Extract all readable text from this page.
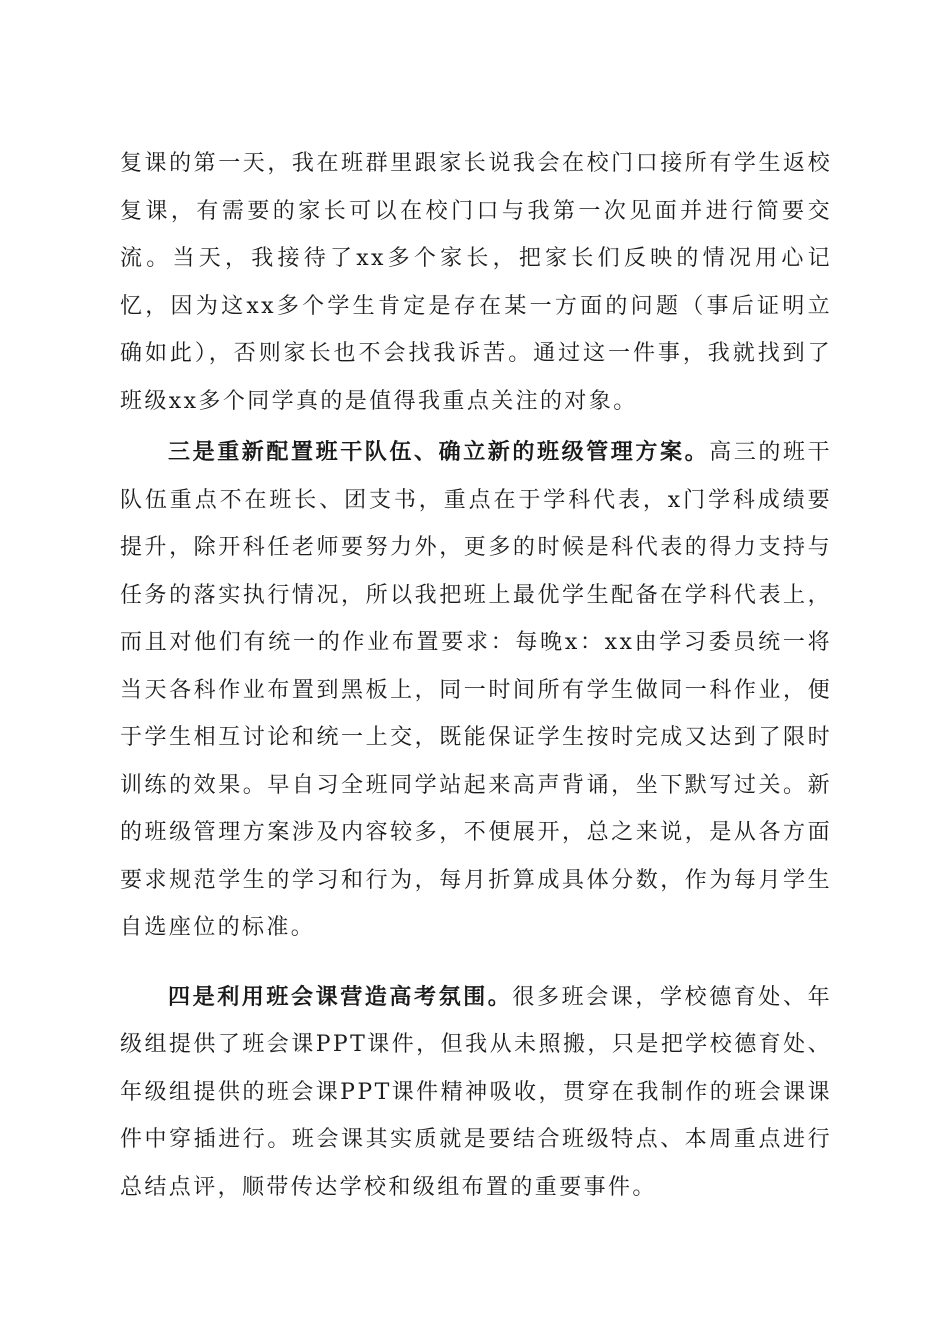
复课的第一天，我在班群里跟家长说我会在校门口接所有学生返校复课，有需要的家长可以在校门口与我第一次见面并进行简要交流。当天，我接待了xx多个家长，把家长们反映的情况用心记忆，因为这xx多个学生肯定是存在某一方面的问题（事后证明立确如此），否则家长也不会找我诉苦。通过这一件事，我就找到了班级xx多个同学真的是值得我重点关注的对象。

三是重新配置班干队伍、确立新的班级管理方案。高三的班干队伍重点不在班长、团支书，重点在于学科代表，x门学科成绩要提升，除开科任老师要努力外，更多的时候是科代表的得力支持与任务的落实执行情况，所以我把班上最优学生配备在学科代表上，而且对他们有统一的作业布置要求：每晚x：xx由学习委员统一将当天各科作业布置到黑板上，同一时间所有学生做同一科作业，便于学生相互讨论和统一上交，既能保证学生按时完成又达到了限时训练的效果。早自习全班同学站起来高声背诵，坐下默写过关。新的班级管理方案涉及内容较多，不便展开，总之来说，是从各方面要求规范学生的学习和行为，每月折算成具体分数，作为每月学生自选座位的标准。

四是利用班会课营造高考氛围。很多班会课，学校德育处、年级组提供了班会课PPT课件，但我从未照搬，只是把学校德育处、年级组提供的班会课PPT课件精神吸收，贯穿在我制作的班会课课件中穿插进行。班会课其实质就是要结合班级特点、本周重点进行总结点评，顺带传达学校和级组布置的重要事件。
